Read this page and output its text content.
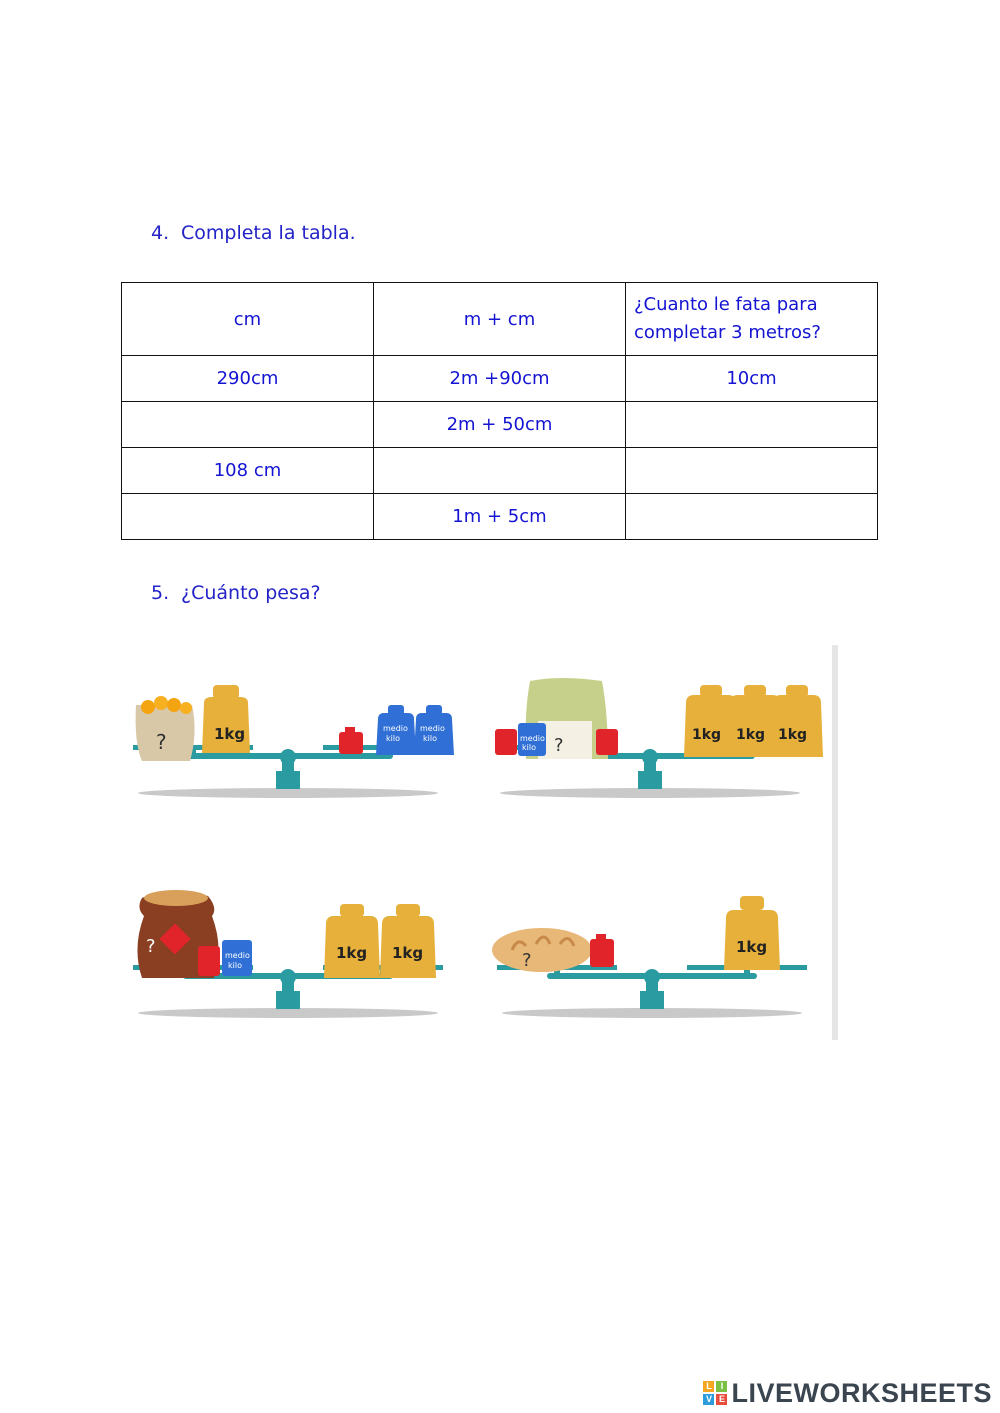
4. Completa la tabla.
cm	m + cm	¿Cuanto le fata para completar 3 metros?
290cm	2m +90cm	10cm
	2m + 50cm	
108 cm		
	1m + 5cm	
5. ¿Cuánto pesa?
?	1kg	medio
kilo
medio
kilo	?
medio
kilo
1kg 1kg 1kg
?	medio
kilo
1kg 1kg	?
1kg
L I
V E LIVEWORKSHEETS
